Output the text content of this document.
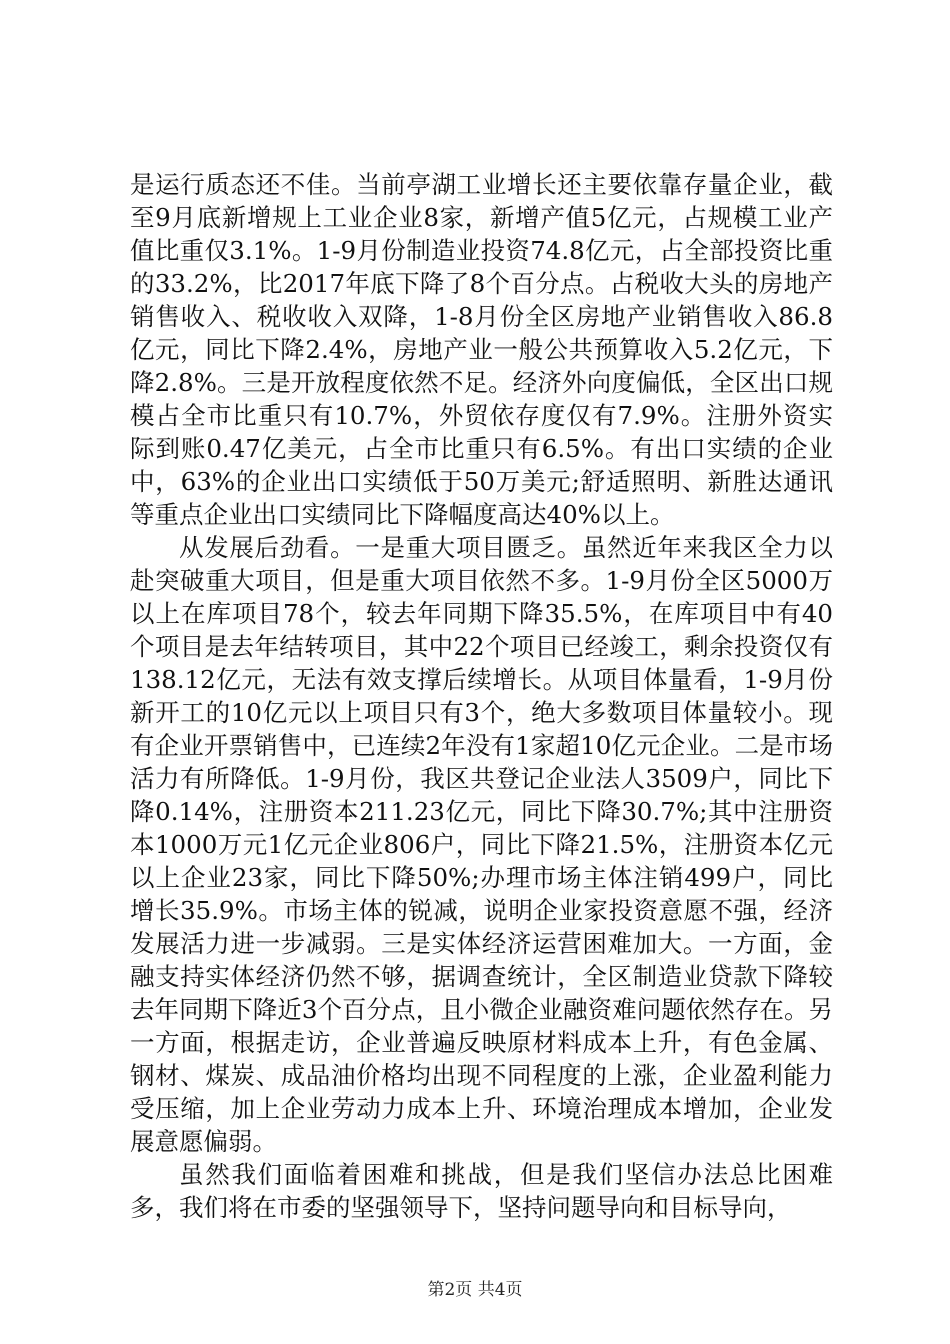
是运行质态还不佳。当前亭湖工业增长还主要依靠存量企业，截至9月底新增规上工业企业8家，新增产值5亿元，占规模工业产值比重仅3.1%。1-9月份制造业投资74.8亿元，占全部投资比重的33.2%，比2017年底下降了8个百分点。占税收大头的房地产销售收入、税收收入双降，1-8月份全区房地产业销售收入86.8亿元，同比下降2.4%，房地产业一般公共预算收入5.2亿元，下降2.8%。三是开放程度依然不足。经济外向度偏低，全区出口规模占全市比重只有10.7%，外贸依存度仅有7.9%。注册外资实际到账0.47亿美元，占全市比重只有6.5%。有出口实绩的企业中，63%的企业出口实绩低于50万美元;舒适照明、新胜达通讯等重点企业出口实绩同比下降幅度高达40%以上。

从发展后劲看。一是重大项目匮乏。虽然近年来我区全力以赴突破重大项目，但是重大项目依然不多。1-9月份全区5000万以上在库项目78个，较去年同期下降35.5%，在库项目中有40个项目是去年结转项目，其中22个项目已经竣工，剩余投资仅有138.12亿元，无法有效支撑后续增长。从项目体量看，1-9月份新开工的10亿元以上项目只有3个，绝大多数项目体量较小。现有企业开票销售中，已连续2年没有1家超10亿元企业。二是市场活力有所降低。1-9月份，我区共登记企业法人3509户，同比下降0.14%，注册资本211.23亿元，同比下降30.7%;其中注册资本1000万元1亿元企业806户，同比下降21.5%，注册资本亿元以上企业23家，同比下降50%;办理市场主体注销499户，同比增长35.9%。市场主体的锐减，说明企业家投资意愿不强，经济发展活力进一步减弱。三是实体经济运营困难加大。一方面，金融支持实体经济仍然不够，据调查统计，全区制造业贷款下降较去年同期下降近3个百分点，且小微企业融资难问题依然存在。另一方面，根据走访，企业普遍反映原材料成本上升，有色金属、钢材、煤炭、成品油价格均出现不同程度的上涨，企业盈利能力受压缩，加上企业劳动力成本上升、环境治理成本增加，企业发展意愿偏弱。

虽然我们面临着困难和挑战，但是我们坚信办法总比困难多，我们将在市委的坚强领导下，坚持问题导向和目标导向，

第2页 共4页
